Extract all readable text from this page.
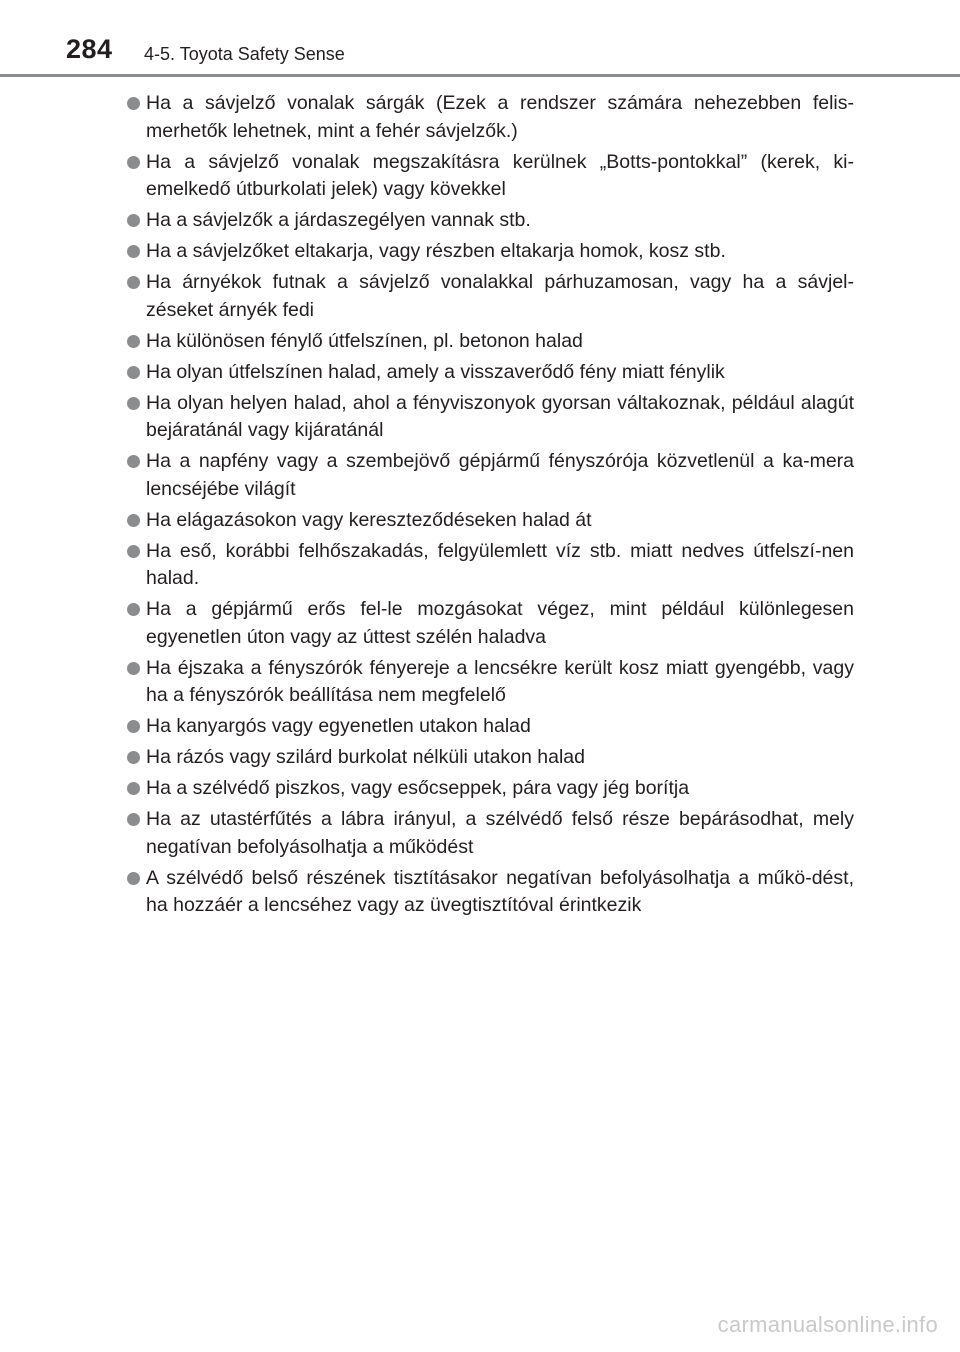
284 4-5. Toyota Safety Sense
Ha a sávjelző vonalak sárgák (Ezek a rendszer számára nehezebben felis-merhetők lehetnek, mint a fehér sávjelzők.)
Ha a sávjelző vonalak megszakításra kerülnek „Botts-pontokkal” (kerek, ki-emelkedő útburkolati jelek) vagy kövekkel
Ha a sávjelzők a járdaszegélyen vannak stb.
Ha a sávjelzőket eltakarja, vagy részben eltakarja homok, kosz stb.
Ha árnyékok futnak a sávjelző vonalakkal párhuzamosan, vagy ha a sávjel-zéseket árnyék fedi
Ha különösen fénylő útfelszínen, pl. betonon halad
Ha olyan útfelszínen halad, amely a visszaverődő fény miatt fénylik
Ha olyan helyen halad, ahol a fényviszonyok gyorsan váltakoznak, például alagút bejáratánál vagy kijáratánál
Ha a napfény vagy a szembejövő gépjármű fényszórója közvetlenül a ka-mera lencséjébe világít
Ha elágazásokon vagy kereszteződéseken halad át
Ha eső, korábbi felhőszakadás, felgyülemlett víz stb. miatt nedves útfelszí-nen halad.
Ha a gépjármű erős fel-le mozgásokat végez, mint például különlegesen egyenetlen úton vagy az úttest szélén haladva
Ha éjszaka a fényszórók fényereje a lencsékre került kosz miatt gyengébb, vagy ha a fényszórók beállítása nem megfelelő
Ha kanyargós vagy egyenetlen utakon halad
Ha rázós vagy szilárd burkolat nélküli utakon halad
Ha a szélvédő piszkos, vagy esőcseppek, pára vagy jég borítja
Ha az utastérfűtés a lábra irányul, a szélvédő felső része bepárásodhat, mely negatívan befolyásolhatja a működést
A szélvédő belső részének tisztításakor negatívan befolyásolhatja a műkö-dést, ha hozzáér a lencséhez vagy az üvegtisztítóval érintkezik
carmanualsonline.info
